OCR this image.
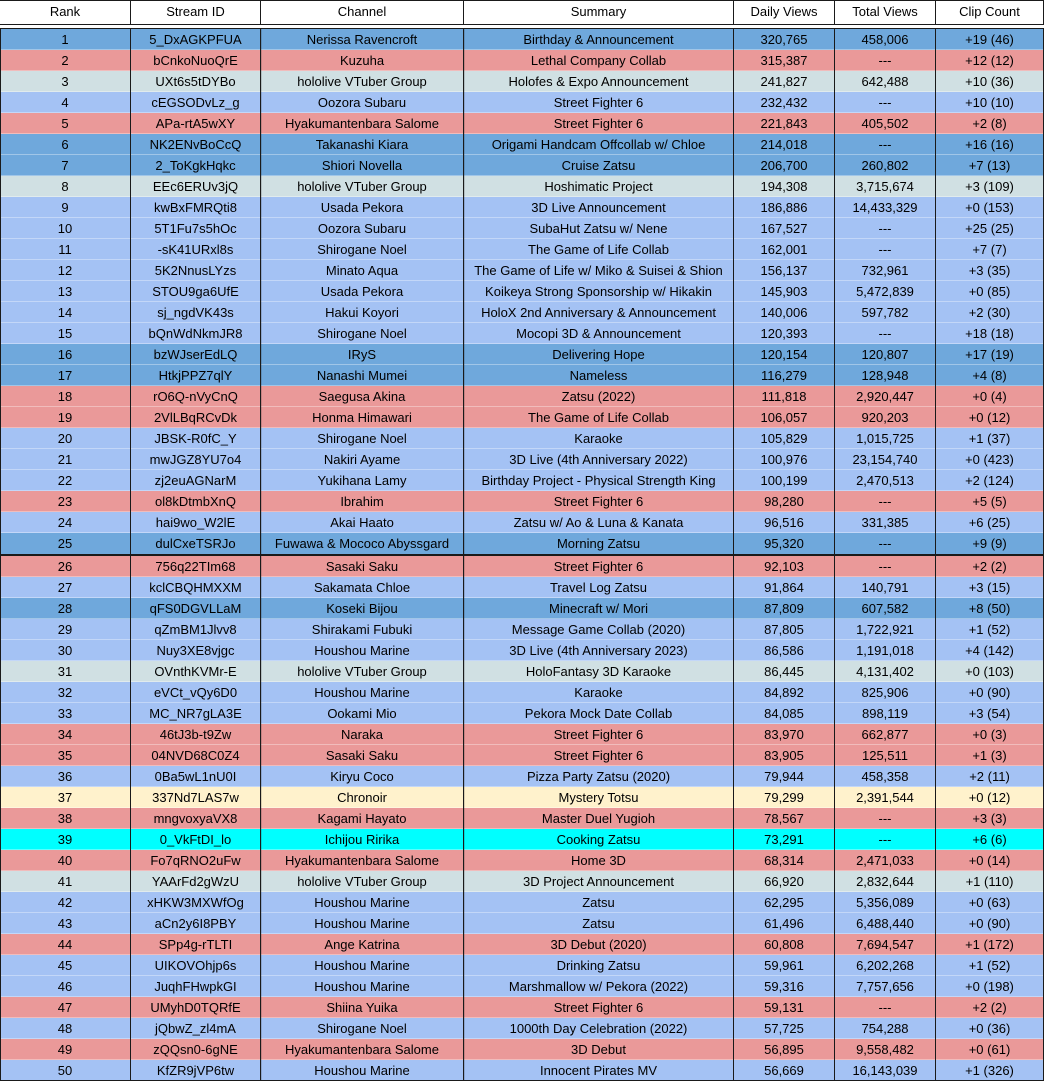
Rank	Stream ID	Channel	Summary	Daily Views	Total Views	Clip Count
1	5_DxAGKPFUA	Nerissa Ravencroft	Birthday & Announcement	320,765	458,006	+19 (46)
2	bCnkoNuoQrE	Kuzuha	Lethal Company Collab	315,387	---	+12 (12)
3	UXt6s5tDYBo	hololive VTuber Group	Holofes & Expo Announcement	241,827	642,488	+10 (36)
4	cEGSODvLz_g	Oozora Subaru	Street Fighter 6	232,432	---	+10 (10)
5	APa-rtA5wXY	Hyakumantenbara Salome	Street Fighter 6	221,843	405,502	+2 (8)
6	NK2ENvBoCcQ	Takanashi Kiara	Origami Handcam Offcollab w/ Chloe	214,018	---	+16 (16)
7	2_ToKgkHqkc	Shiori Novella	Cruise Zatsu	206,700	260,802	+7 (13)
8	EEc6ERUv3jQ	hololive VTuber Group	Hoshimatic Project	194,308	3,715,674	+3 (109)
9	kwBxFMRQti8	Usada Pekora	3D Live Announcement	186,886	14,433,329	+0 (153)
10	5T1Fu7s5hOc	Oozora Subaru	SubaHut Zatsu w/ Nene	167,527	---	+25 (25)
11	-sK41URxl8s	Shirogane Noel	The Game of Life Collab	162,001	---	+7 (7)
12	5K2NnusLYzs	Minato Aqua	The Game of Life w/ Miko & Suisei & Shion	156,137	732,961	+3 (35)
13	STOU9ga6UfE	Usada Pekora	Koikeya Strong Sponsorship w/ Hikakin	145,903	5,472,839	+0 (85)
14	sj_ngdVK43s	Hakui Koyori	HoloX 2nd Anniversary & Announcement	140,006	597,782	+2 (30)
15	bQnWdNkmJR8	Shirogane Noel	Mocopi 3D & Announcement	120,393	---	+18 (18)
16	bzWJserEdLQ	IRyS	Delivering Hope	120,154	120,807	+17 (19)
17	HtkjPPZ7qlY	Nanashi Mumei	Nameless	116,279	128,948	+4 (8)
18	rO6Q-nVyCnQ	Saegusa Akina	Zatsu (2022)	111,818	2,920,447	+0 (4)
19	2VlLBqRCvDk	Honma Himawari	The Game of Life Collab	106,057	920,203	+0 (12)
20	JBSK-R0fC_Y	Shirogane Noel	Karaoke	105,829	1,015,725	+1 (37)
21	mwJGZ8YU7o4	Nakiri Ayame	3D Live (4th Anniversary 2022)	100,976	23,154,740	+0 (423)
22	zj2euAGNarM	Yukihana Lamy	Birthday Project - Physical Strength King	100,199	2,470,513	+2 (124)
23	ol8kDtmbXnQ	Ibrahim	Street Fighter 6	98,280	---	+5 (5)
24	hai9wo_W2lE	Akai Haato	Zatsu w/ Ao & Luna & Kanata	96,516	331,385	+6 (25)
25	dulCxeTSRJo	Fuwawa & Mococo Abyssgard	Morning Zatsu	95,320	---	+9 (9)
26	756q22TIm68	Sasaki Saku	Street Fighter 6	92,103	---	+2 (2)
27	kclCBQHMXXM	Sakamata Chloe	Travel Log Zatsu	91,864	140,791	+3 (15)
28	qFS0DGVLLaM	Koseki Bijou	Minecraft w/ Mori	87,809	607,582	+8 (50)
29	qZmBM1Jlvv8	Shirakami Fubuki	Message Game Collab (2020)	87,805	1,722,921	+1 (52)
30	Nuy3XE8vjgc	Houshou Marine	3D Live (4th Anniversary 2023)	86,586	1,191,018	+4 (142)
31	OVnthKVMr-E	hololive VTuber Group	HoloFantasy 3D Karaoke	86,445	4,131,402	+0 (103)
32	eVCt_vQy6D0	Houshou Marine	Karaoke	84,892	825,906	+0 (90)
33	MC_NR7gLA3E	Ookami Mio	Pekora Mock Date Collab	84,085	898,119	+3 (54)
34	46tJ3b-t9Zw	Naraka	Street Fighter 6	83,970	662,877	+0 (3)
35	04NVD68C0Z4	Sasaki Saku	Street Fighter 6	83,905	125,511	+1 (3)
36	0Ba5wL1nU0I	Kiryu Coco	Pizza Party Zatsu (2020)	79,944	458,358	+2 (11)
37	337Nd7LAS7w	Chronoir	Mystery Totsu	79,299	2,391,544	+0 (12)
38	mngvoxyaVX8	Kagami Hayato	Master Duel Yugioh	78,567	---	+3 (3)
39	0_VkFtDI_lo	Ichijou Ririka	Cooking Zatsu	73,291	---	+6 (6)
40	Fo7qRNO2uFw	Hyakumantenbara Salome	Home 3D	68,314	2,471,033	+0 (14)
41	YAArFd2gWzU	hololive VTuber Group	3D Project Announcement	66,920	2,832,644	+1 (110)
42	xHKW3MXWfOg	Houshou Marine	Zatsu	62,295	5,356,089	+0 (63)
43	aCn2y6I8PBY	Houshou Marine	Zatsu	61,496	6,488,440	+0 (90)
44	SPp4g-rTLTI	Ange Katrina	3D Debut (2020)	60,808	7,694,547	+1 (172)
45	UIKOVOhjp6s	Houshou Marine	Drinking Zatsu	59,961	6,202,268	+1 (52)
46	JuqhFHwpkGI	Houshou Marine	Marshmallow w/ Pekora (2022)	59,316	7,757,656	+0 (198)
47	UMyhD0TQRfE	Shiina Yuika	Street Fighter 6	59,131	---	+2 (2)
48	jQbwZ_zl4mA	Shirogane Noel	1000th Day Celebration (2022)	57,725	754,288	+0 (36)
49	zQQsn0-6gNE	Hyakumantenbara Salome	3D Debut	56,895	9,558,482	+0 (61)
50	KfZR9jVP6tw	Houshou Marine	Innocent Pirates MV	56,669	16,143,039	+1 (326)
